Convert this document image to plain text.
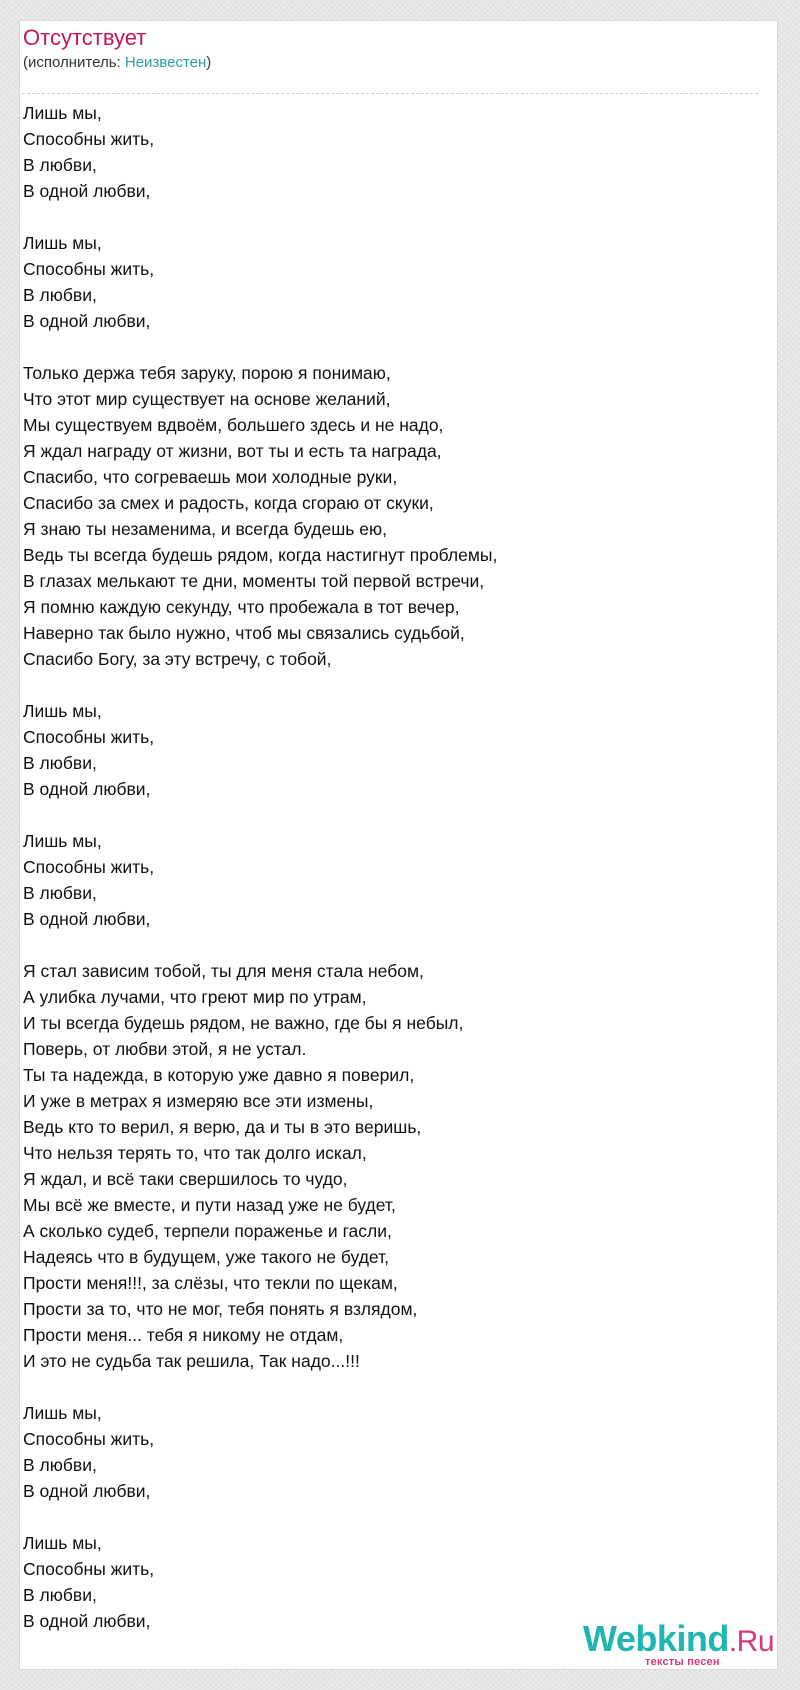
Отсутствует
(исполнитель: Неизвестен)
Лишь мы,
Способны жить,
В любви,
В одной любви,
Лишь мы,
Способны жить,
В любви,
В одной любви,
Только держа тебя заруку, порою я понимаю,
Что этот мир существует на основе желаний,
Мы существуем вдвоём, большего здесь и не надо,
Я ждал награду от жизни, вот ты и есть та награда,
Спасибо, что согреваешь мои холодные руки,
Спасибо за смех и радость, когда сгораю от скуки,
Я знаю ты незаменима, и всегда будешь ею,
Ведь ты всегда будешь рядом, когда настигнут проблемы,
В глазах мелькают те дни, моменты той первой встречи,
Я помню каждую секунду, что пробежала в тот вечер,
Наверно так было нужно, чтоб мы связались судьбой,
Спасибо Богу, за эту встречу, с тобой,
Лишь мы,
Способны жить,
В любви,
В одной любви,
Лишь мы,
Способны жить,
В любви,
В одной любви,
Я стал зависим тобой, ты для меня стала небом,
А улибка лучами, что греют мир по утрам,
И ты всегда будешь рядом, не важно, где бы я небыл,
Поверь, от любви этой, я не устал.
Ты та надежда, в которую уже давно я поверил,
И уже в метрах я измеряю все эти измены,
Ведь кто то верил, я верю, да и ты в это веришь,
Что нельзя терять то, что так долго искал,
Я ждал, и всё таки свершилось то чудо,
Мы всё же вместе, и пути назад уже не будет,
А сколько судеб, терпели пораженье и гасли,
Надеясь что в будущем, уже такого не будет,
Прости меня!!!, за слёзы, что текли по щекам,
Прости за то, что не мог, тебя понять я взлядом,
Прости меня... тебя я никому не отдам,
И это не судьба так решила, Так надо...!!!
Лишь мы,
Способны жить,
В любви,
В одной любви,
Лишь мы,
Способны жить,
В любви,
В одной любви,	Webkind.Ru
тексты песен
